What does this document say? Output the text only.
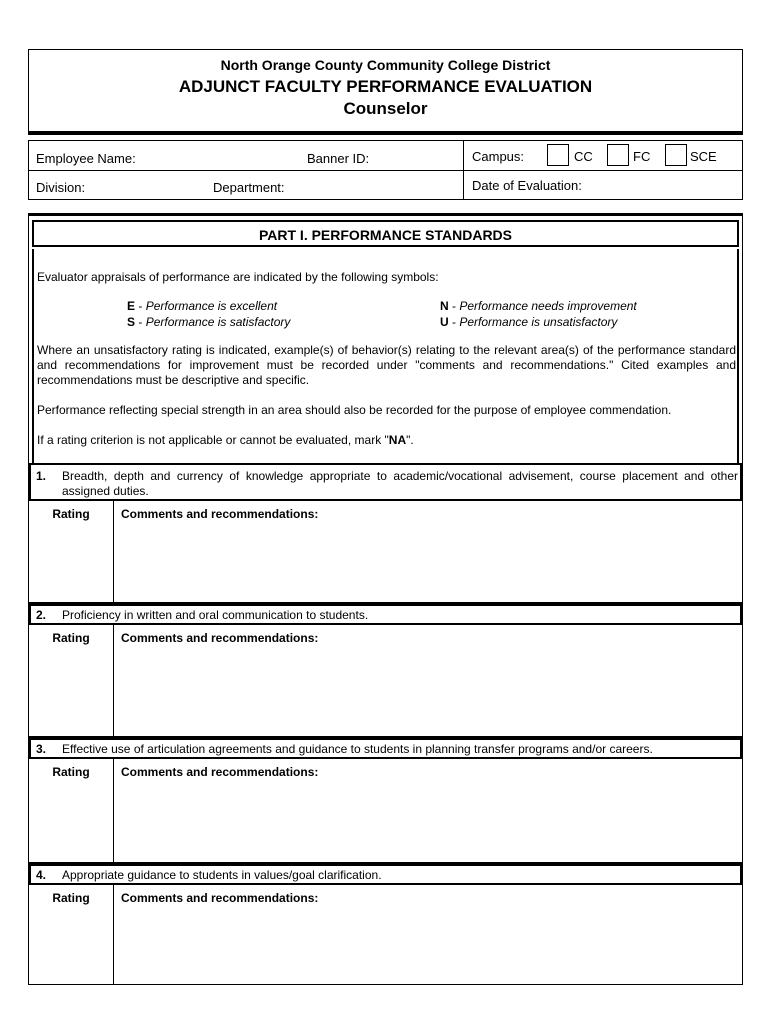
North Orange County Community College District
ADJUNCT FACULTY PERFORMANCE EVALUATION
Counselor
Employee Name:	Banner ID:	Campus:	CC	FC	SCE
Division:	Department:	Date of Evaluation:
PART I. PERFORMANCE STANDARDS
Evaluator appraisals of performance are indicated by the following symbols:
E - Performance is excellent
S - Performance is satisfactory
N - Performance needs improvement
U - Performance is unsatisfactory
Where an unsatisfactory rating is indicated, example(s) of behavior(s) relating to the relevant area(s) of the performance standard and recommendations for improvement must be recorded under "comments and recommendations." Cited examples and recommendations must be descriptive and specific.
Performance reflecting special strength in an area should also be recorded for the purpose of employee commendation.
If a rating criterion is not applicable or cannot be evaluated, mark "NA".
1. Breadth, depth and currency of knowledge appropriate to academic/vocational advisement, course placement and other assigned duties.
Rating	Comments and recommendations:
2. Proficiency in written and oral communication to students.
Rating	Comments and recommendations:
3. Effective use of articulation agreements and guidance to students in planning transfer programs and/or careers.
Rating	Comments and recommendations:
4. Appropriate guidance to students in values/goal clarification.
Rating	Comments and recommendations:
